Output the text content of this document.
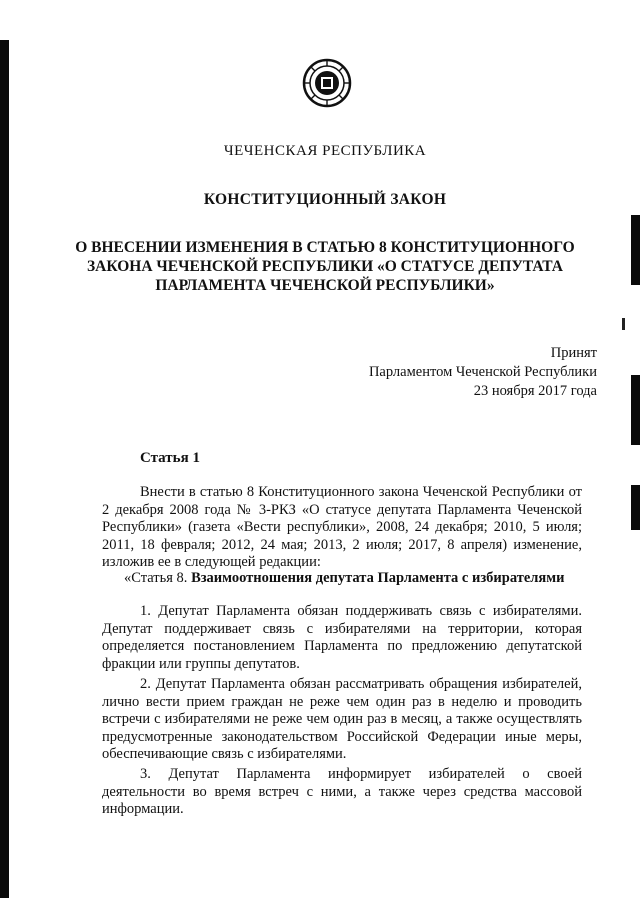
ЧЕЧЕНСКАЯ РЕСПУБЛИКА
КОНСТИТУЦИОННЫЙ ЗАКОН
О ВНЕСЕНИИ ИЗМЕНЕНИЯ В СТАТЬЮ 8 КОНСТИТУЦИОННОГО
ЗАКОНА ЧЕЧЕНСКОЙ РЕСПУБЛИКИ «О СТАТУСЕ ДЕПУТАТА
ПАРЛАМЕНТА ЧЕЧЕНСКОЙ РЕСПУБЛИКИ»
Принят
Парламентом Чеченской Республики
23 ноября 2017 года
Статья 1
Внести в статью 8 Конституционного закона Чеченской Республики от 2 декабря 2008 года № 3-РКЗ «О статусе депутата Парламента Чеченской Республики» (газета «Вести республики», 2008, 24 декабря; 2010, 5 июля; 2011, 18 февраля; 2012, 24 мая; 2013, 2 июля; 2017, 8 апреля) изменение, изложив ее в следующей редакции:
«Статья 8. Взаимоотношения депутата Парламента с избирателями
1. Депутат Парламента обязан поддерживать связь с избирателями. Депутат поддерживает связь с избирателями на территории, которая определяется постановлением Парламента по предложению депутатской фракции или группы депутатов.
2. Депутат Парламента обязан рассматривать обращения избирателей, лично вести прием граждан не реже чем один раз в неделю и проводить встречи с избирателями не реже чем один раз в месяц, а также осуществлять предусмотренные законодательством Российской Федерации иные меры, обеспечивающие связь с избирателями.
3. Депутат Парламента информирует избирателей о своей деятельности во время встреч с ними, а также через средства массовой информации.
